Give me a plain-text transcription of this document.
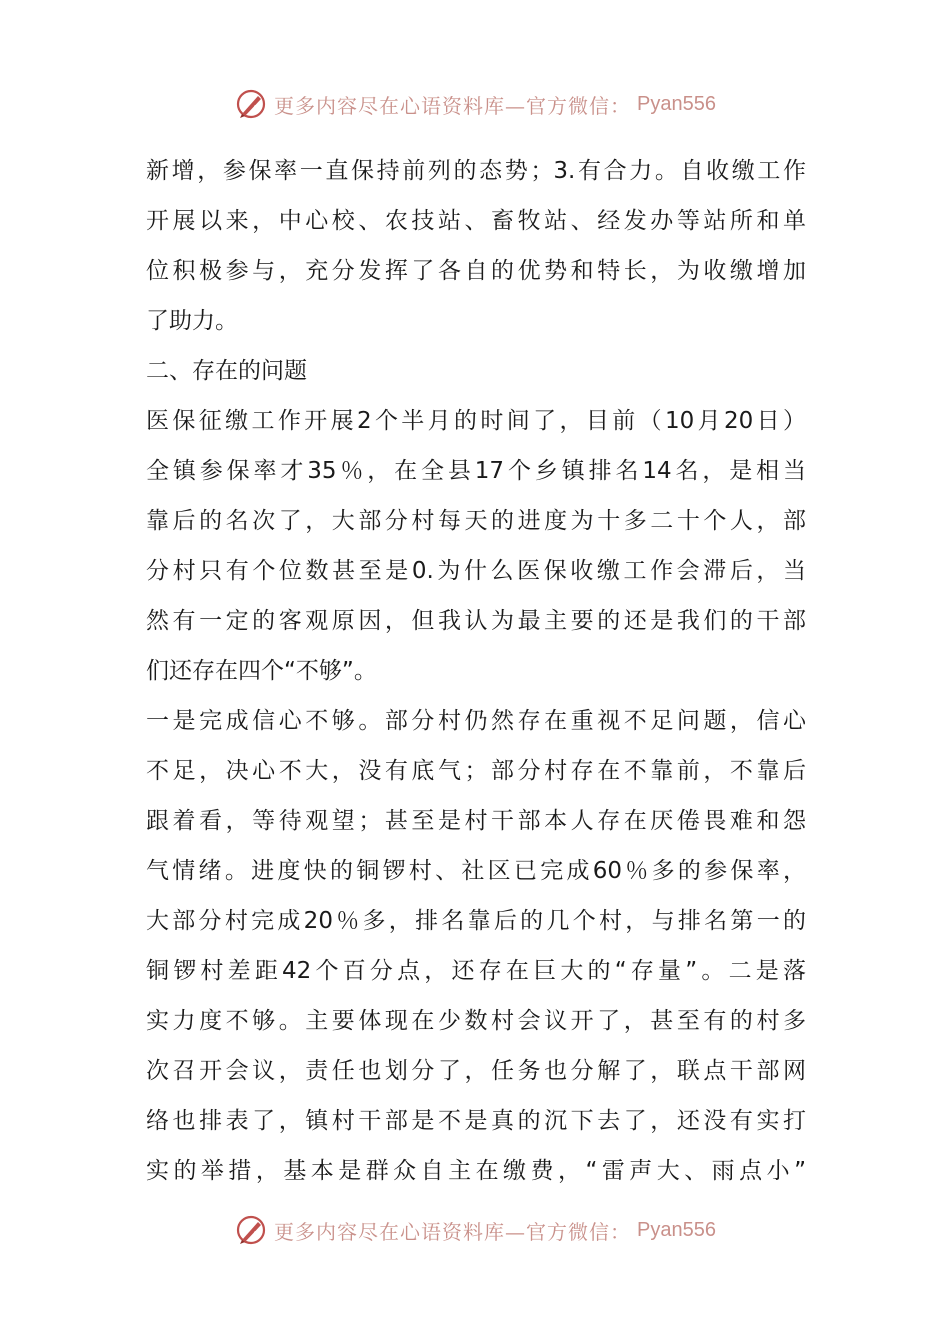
更多内容尽在心语资料库—官方微信： Pyan556
新增，参保率一直保持前列的态势；3.有合力。自收缴工作
开展以来，中心校、农技站、畜牧站、经发办等站所和单
位积极参与，充分发挥了各自的优势和特长，为收缴增加
了助力。
二、存在的问题
医保征缴工作开展2个半月的时间了，目前（10月20日）
全镇参保率才35％，在全县17个乡镇排名14名，是相当
靠后的名次了，大部分村每天的进度为十多二十个人，部
分村只有个位数甚至是0.为什么医保收缴工作会滞后，当
然有一定的客观原因，但我认为最主要的还是我们的干部
们还存在四个“不够”。
一是完成信心不够。部分村仍然存在重视不足问题，信心
不足，决心不大，没有底气；部分村存在不靠前，不靠后
跟着看，等待观望；甚至是村干部本人存在厌倦畏难和怨
气情绪。进度快的铜锣村、社区已完成60％多的参保率，
大部分村完成20％多，排名靠后的几个村，与排名第一的
铜锣村差距42个百分点，还存在巨大的“存量”。二是落
实力度不够。主要体现在少数村会议开了，甚至有的村多
次召开会议，责任也划分了，任务也分解了，联点干部网
络也排表了，镇村干部是不是真的沉下去了，还没有实打
实的举措，基本是群众自主在缴费，“雷声大、雨点小”
更多内容尽在心语资料库—官方微信： Pyan556
